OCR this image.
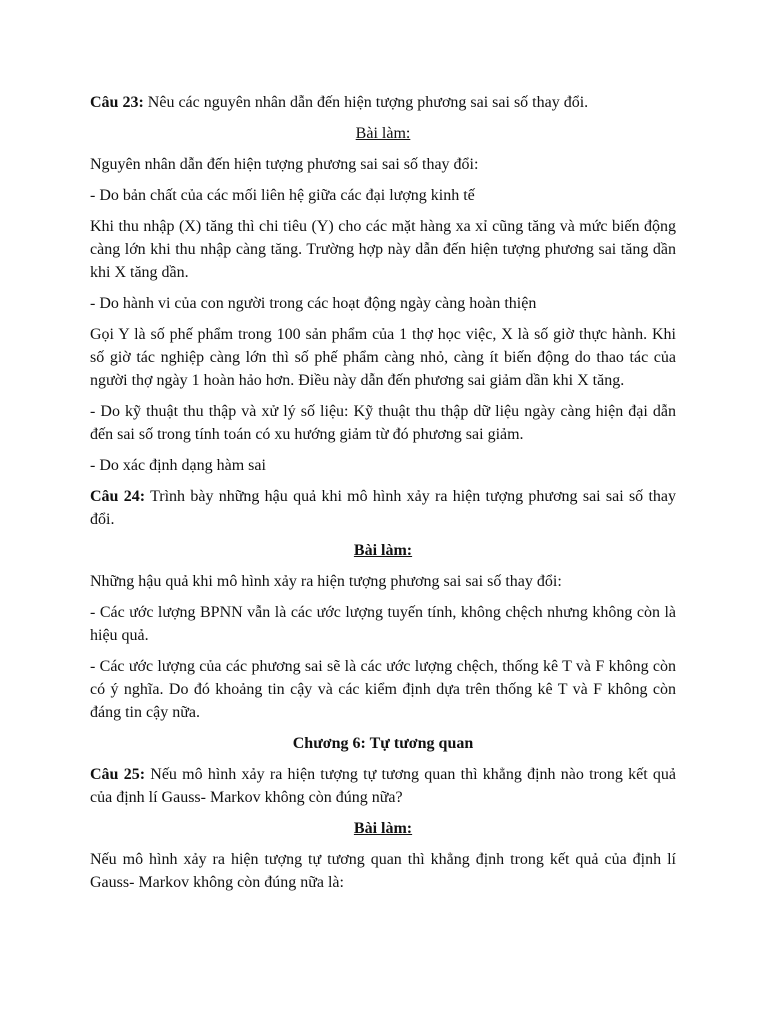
Câu 23: Nêu các nguyên nhân dẫn đến hiện tượng phương sai sai số thay đổi.

Bài làm:

Nguyên nhân dẫn đến hiện tượng phương sai sai số thay đổi:

- Do bản chất của các mối liên hệ giữa các đại lượng kinh tế

Khi thu nhập (X) tăng thì chi tiêu (Y) cho các mặt hàng xa xỉ cũng tăng và mức biến động càng lớn khi thu nhập càng tăng. Trường hợp này dẫn đến hiện tượng phương sai tăng dần khi X tăng dần.

- Do hành vi của con người trong các hoạt động ngày càng hoàn thiện

Gọi Y là số phế phẩm trong 100 sản phẩm của 1 thợ học việc, X là số giờ thực hành. Khi số giờ tác nghiệp càng lớn thì số phế phẩm càng nhỏ, càng ít biến động do thao tác của người thợ ngày 1 hoàn hảo hơn. Điều này dẫn đến phương sai giảm dần khi X tăng.

- Do kỹ thuật thu thập và xử lý số liệu: Kỹ thuật thu thập dữ liệu ngày càng hiện đại dẫn đến sai số trong tính toán có xu hướng giảm từ đó phương sai giảm.

- Do xác định dạng hàm sai

Câu 24: Trình bày những hậu quả khi mô hình xảy ra hiện tượng phương sai sai số thay đổi.

Bài làm:

Những hậu quả khi mô hình xảy ra hiện tượng phương sai sai số thay đổi:

- Các ước lượng BPNN vẫn là các ước lượng tuyến tính, không chệch nhưng không còn là hiệu quả.

- Các ước lượng của các phương sai sẽ là các ước lượng chệch, thống kê T và F không còn có ý nghĩa. Do đó khoảng tin cậy và các kiểm định dựa trên thống kê T và F không còn đáng tin cậy nữa.

Chương 6: Tự tương quan

Câu 25: Nếu mô hình xảy ra hiện tượng tự tương quan thì khẳng định nào trong kết quả của định lí Gauss- Markov không còn đúng nữa?

Bài làm:

Nếu mô hình xảy ra hiện tượng tự tương quan thì khẳng định trong kết quả của định lí Gauss- Markov không còn đúng nữa là:
